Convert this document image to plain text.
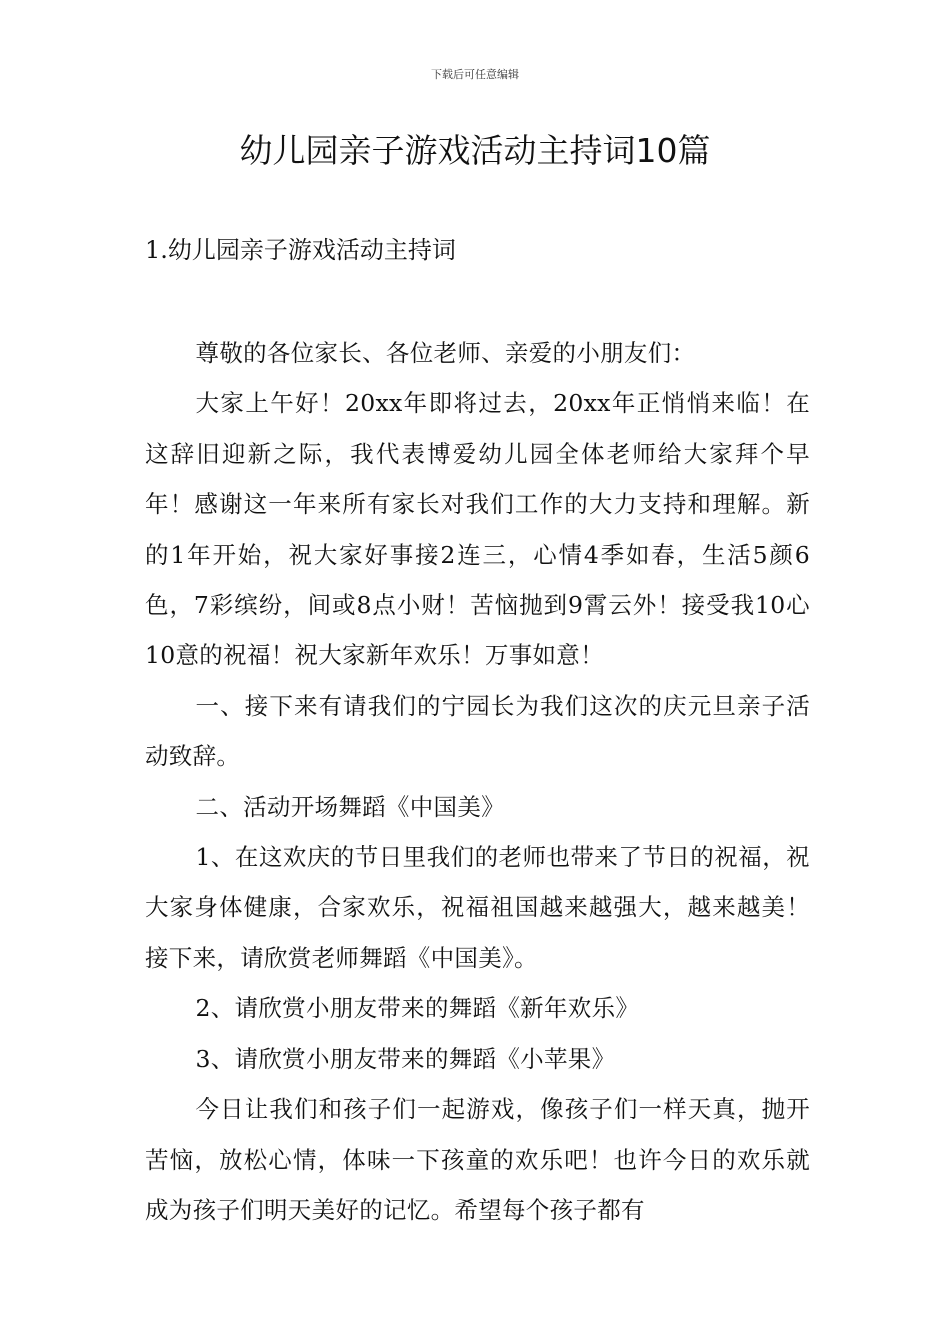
下载后可任意编辑
幼儿园亲子游戏活动主持词10篇
1.幼儿园亲子游戏活动主持词

尊敬的各位家长、各位老师、亲爱的小朋友们：

大家上午好！20xx年即将过去，20xx年正悄悄来临！在这辞旧迎新之际，我代表博爱幼儿园全体老师给大家拜个早年！感谢这一年来所有家长对我们工作的大力支持和理解。新的1年开始，祝大家好事接2连三，心情4季如春，生活5颜6色，7彩缤纷，间或8点小财！苦恼抛到9霄云外！接受我10心10意的祝福！祝大家新年欢乐！万事如意！

一、接下来有请我们的宁园长为我们这次的庆元旦亲子活动致辞。

二、活动开场舞蹈《中国美》

1、在这欢庆的节日里我们的老师也带来了节日的祝福，祝大家身体健康，合家欢乐，祝福祖国越来越强大，越来越美！接下来，请欣赏老师舞蹈《中国美》。

2、请欣赏小朋友带来的舞蹈《新年欢乐》

3、请欣赏小朋友带来的舞蹈《小苹果》

今日让我们和孩子们一起游戏，像孩子们一样天真，抛开苦恼，放松心情，体味一下孩童的欢乐吧！也许今日的欢乐就成为孩子们明天美好的记忆。希望每个孩子都有
